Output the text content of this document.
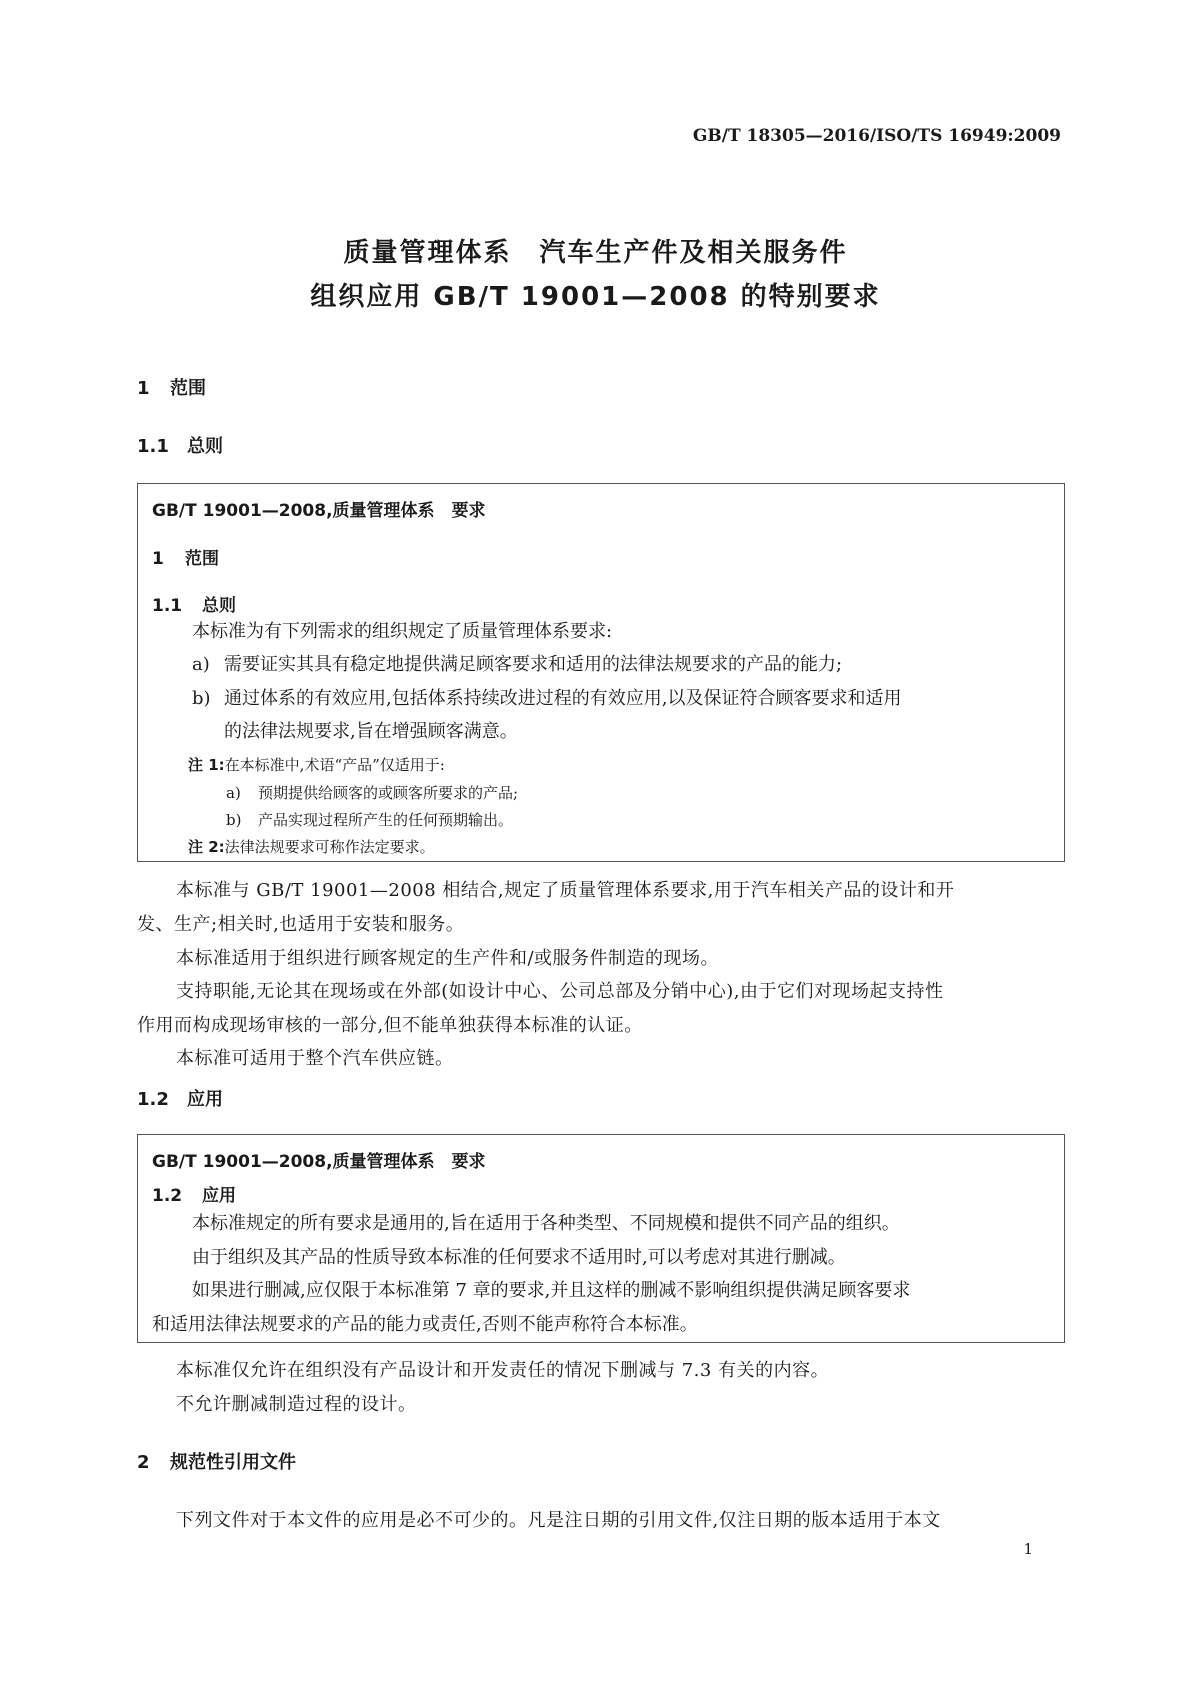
GB/T 18305—2016/ISO/TS 16949:2009
质量管理体系　汽车生产件及相关服务件
组织应用 GB/T 19001—2008 的特别要求
1 范围
1.1 总则
GB/T 19001—2008,质量管理体系　要求
1 范围
1.1 总则
本标准为有下列需求的组织规定了质量管理体系要求:
a) 需要证实其具有稳定地提供满足顾客要求和适用的法律法规要求的产品的能力;
b) 通过体系的有效应用,包括体系持续改进过程的有效应用,以及保证符合顾客要求和适用
的法律法规要求,旨在增强顾客满意。
注 1:在本标准中,术语“产品”仅适用于:
a) 预期提供给顾客的或顾客所要求的产品;
b) 产品实现过程所产生的任何预期输出。
注 2:法律法规要求可称作法定要求。
本标准与 GB/T 19001—2008 相结合,规定了质量管理体系要求,用于汽车相关产品的设计和开
发、生产;相关时,也适用于安装和服务。
本标准适用于组织进行顾客规定的生产件和/或服务件制造的现场。
支持职能,无论其在现场或在外部(如设计中心、公司总部及分销中心),由于它们对现场起支持性
作用而构成现场审核的一部分,但不能单独获得本标准的认证。
本标准可适用于整个汽车供应链。
1.2 应用
GB/T 19001—2008,质量管理体系　要求
1.2 应用
本标准规定的所有要求是通用的,旨在适用于各种类型、不同规模和提供不同产品的组织。
由于组织及其产品的性质导致本标准的任何要求不适用时,可以考虑对其进行删减。
如果进行删减,应仅限于本标准第 7 章的要求,并且这样的删减不影响组织提供满足顾客要求
和适用法律法规要求的产品的能力或责任,否则不能声称符合本标准。
本标准仅允许在组织没有产品设计和开发责任的情况下删减与 7.3 有关的内容。
不允许删减制造过程的设计。
2 规范性引用文件
下列文件对于本文件的应用是必不可少的。凡是注日期的引用文件,仅注日期的版本适用于本文
1
